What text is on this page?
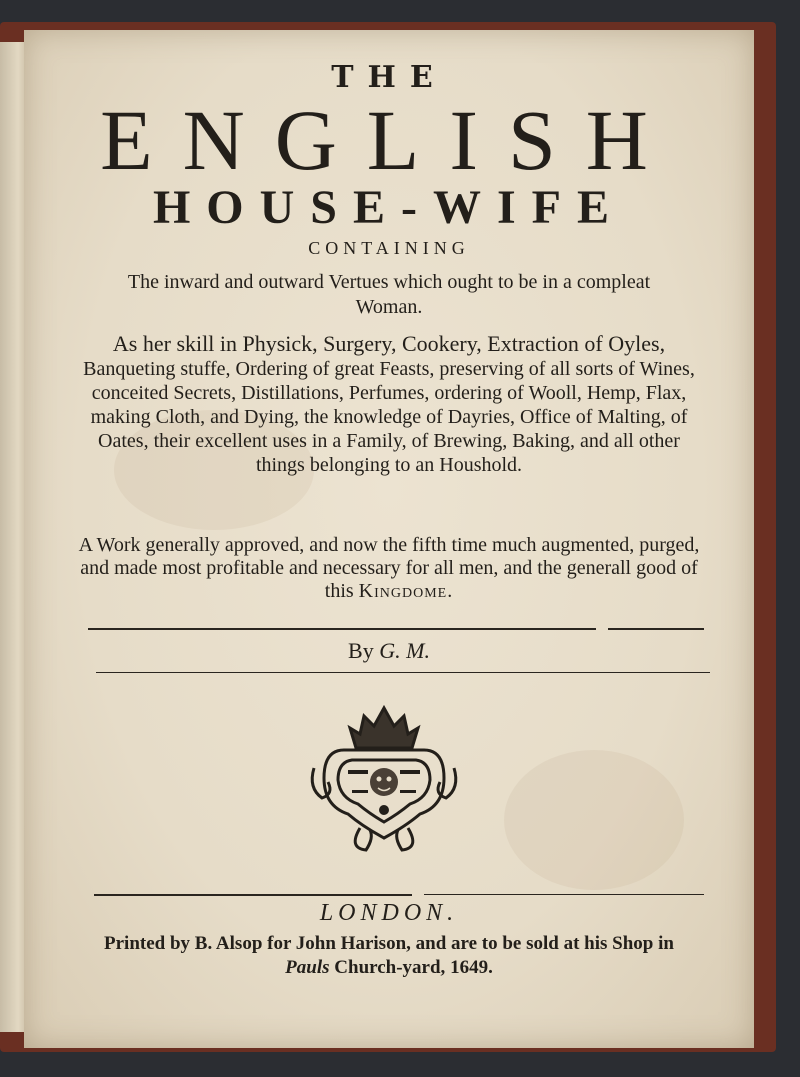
THE
ENGLISH
HOUSE-WIFE
CONTAINING
The inward and outward Vertues which ought to be in a compleat Woman.
As her skill in Physick, Surgery, Cookery, Extraction of Oyles, Banqueting stuffe, Ordering of great Feasts, preserving of all sorts of Wines, conceited Secrets, Distillations, Perfumes, ordering of Wooll, Hemp, Flax, making Cloth, and Dying, the knowledge of Dayries, Office of Malting, of Oates, their excellent uses in a Family, of Brewing, Baking, and all other things belonging to an Houshold.
A Work generally approved, and now the fifth time much augmented, purged, and made most profitable and necessary for all men, and the generall good of this Kingdome.
By G. M.
LONDON.
Printed by B. Alsop for John Harison, and are to be sold at his Shop in Pauls Church-yard, 1649.
